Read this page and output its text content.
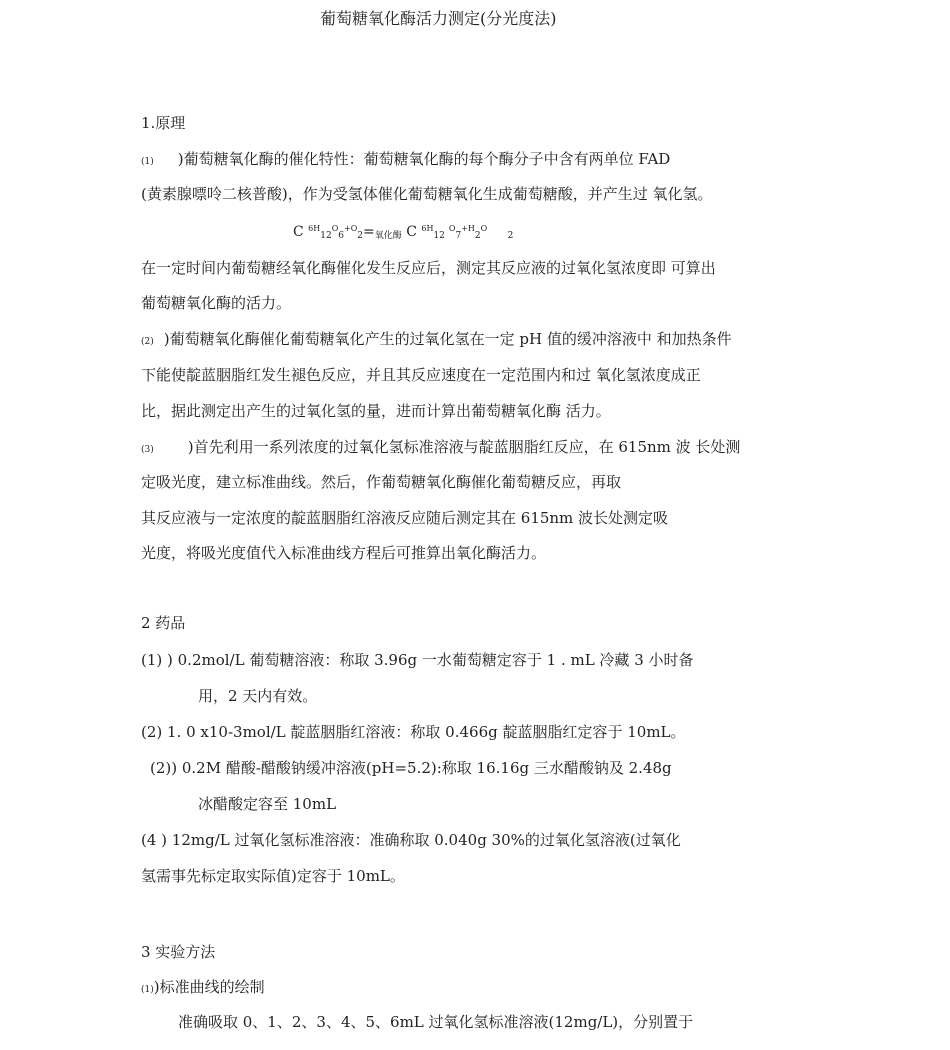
葡萄糖氧化酶活力测定(分光度法)
1.原理
(1) )葡萄糖氧化酶的催化特性：葡萄糖氧化酶的每个酶分子中含有两单位 FAD
(黄素腺嘌呤二核普酸)，作为受氢体催化葡萄糖氧化生成葡萄糖酸，并产生过 氧化氢。
C $^{6H}12^O6^{+O}2=$氧化酶 C $^{6H}12^O7^{+H}2^O$ 2
在一定时间内葡萄糖经氧化酶催化发生反应后，测定其反应液的过氧化氢浓度即 可算出
葡萄糖氧化酶的活力。
(2) )葡萄糖氧化酶催化葡萄糖氧化产生的过氧化氢在一定 pH 值的缓冲溶液中 和加热条件
下能使靛蓝胭脂红发生褪色反应，并且其反应速度在一定范围内和过 氧化氢浓度成正
比，据此测定出产生的过氧化氢的量，进而计算出葡萄糖氧化酶 活力。
(3) )首先利用一系列浓度的过氧化氢标准溶液与靛蓝胭脂红反应，在 615nm 波 长处测
定吸光度，建立标准曲线。然后，作葡萄糖氧化酶催化葡萄糖反应，再取
其反应液与一定浓度的靛蓝胭脂红溶液反应随后测定其在 615nm 波长处测定吸
光度，将吸光度值代入标准曲线方程后可推算出氧化酶活力。
2 药品
(1) ) 0.2mol/L 葡萄糖溶液：称取 3.96g 一水葡萄糖定容于 1 . mL 冷藏 3 小时备
用，2 天内有效。
(2) 1. 0 x10-3mol/L 靛蓝胭脂红溶液：称取 0.466g 靛蓝胭脂红定容于 10mL。
(2)) 0.2M 醋酸-醋酸钠缓冲溶液(pH=5.2):称取 16.16g 三水醋酸钠及 2.48g
冰醋酸定容至 10mL
(4 ) 12mg/L 过氧化氢标准溶液：准确称取 0.040g 30%的过氧化氢溶液(过氧化
氢需事先标定取实际值)定容于 10mL。
3 实验方法
(1))标准曲线的绘制
准确吸取 0、1、2、3、4、5、6mL 过氧化氢标准溶液(12mg/L)，分别置于
